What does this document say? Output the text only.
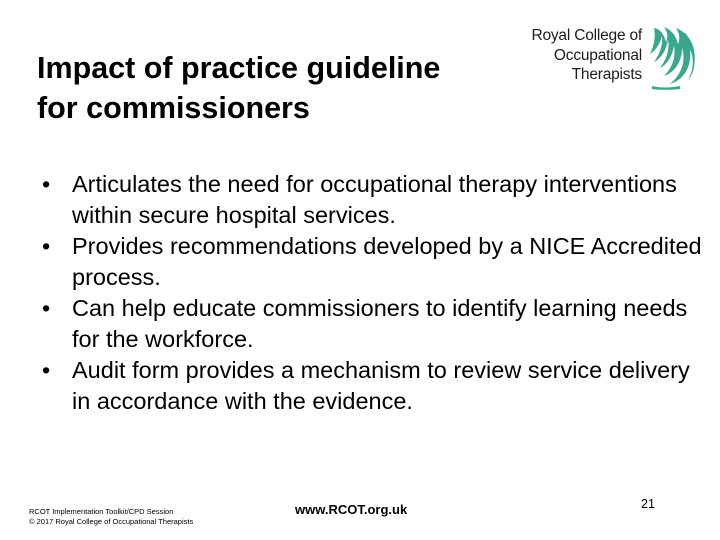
Impact of practice guideline
for commissioners
Royal College of
Occupational
Therapists
• Articulates the need for occupational therapy interventions within secure hospital services.
• Provides recommendations developed by a NICE Accredited process.
• Can help educate commissioners to identify learning needs for the workforce.
• Audit form provides a mechanism to review service delivery in accordance with the evidence.
RCOT Implementation Toolkit/CPD Session
© 2017 Royal College of Occupational Therapists
www.RCOT.org.uk	21
